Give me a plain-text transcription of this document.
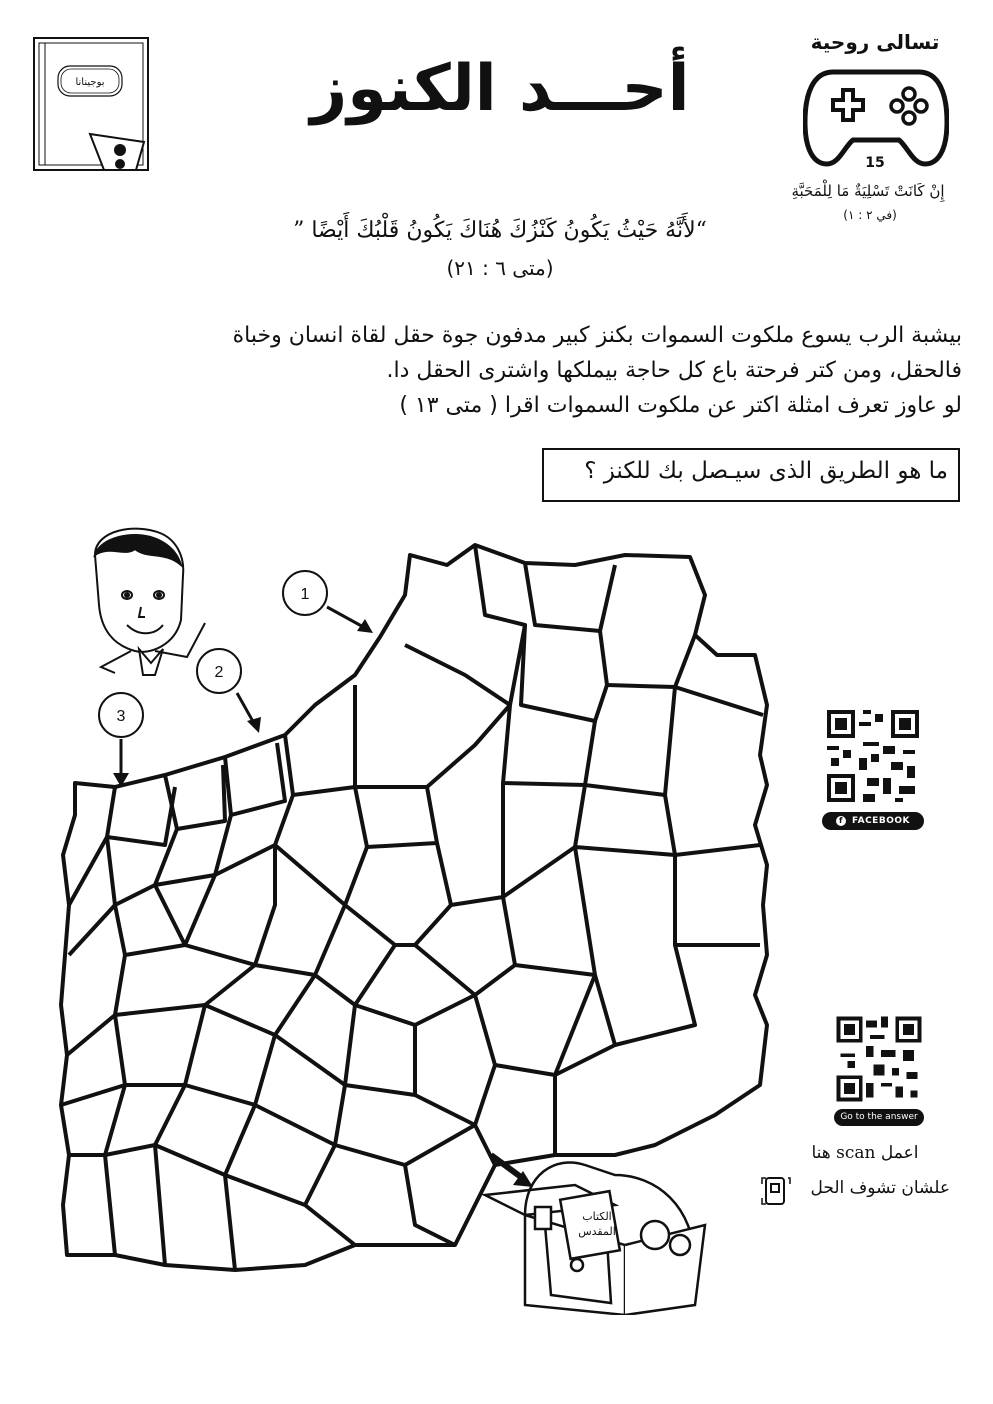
بوجينانا	أحـــد الكنوز
تسالى روحية
15
إِنْ كَانَتْ تَسْلِيَةٌ مَا لِلْمَحَبَّةِ
(في ٢ : ١)
“لأَنَّهُ حَيْثُ يَكُونُ كَنْزُكَ هُنَاكَ يَكُونُ قَلْبُكَ أَيْضًا ”
(متى ٦ : ٢١)
بيشبة الرب يسوع ملكوت السموات بكنز كبير مدفون جوة حقل لقاة انسان وخباة
فالحقل، ومن كتر فرحتة باع كل حاجة بيملكها واشترى الحقل دا.
لو عاوز تعرف امثلة اكتر عن ملكوت السموات اقرا ( متى ١٣ )
ما هو الطريق الذى سيـصل بك للكنز ؟
1
2
3
الكتاب
المقدس
f FACEBOOK
Go to the answer
اعمل scan هنا
علشان تشوف الحل
